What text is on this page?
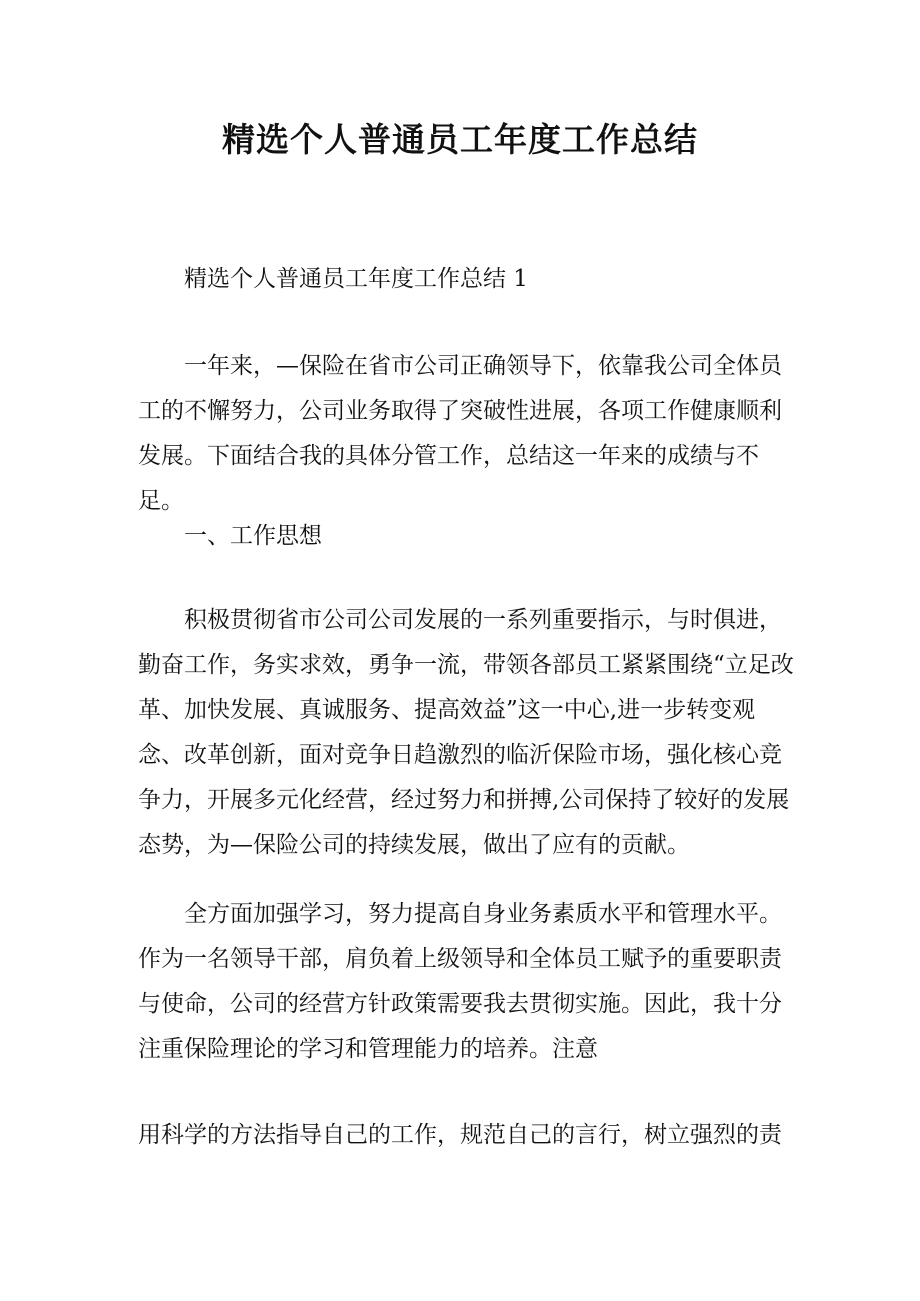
精选个人普通员工年度工作总结

精选个人普通员工年度工作总结 1

一年来，—保险在省市公司正确领导下，依靠我公司全体员工的不懈努力，公司业务取得了突破性进展，各项工作健康顺利发展。下面结合我的具体分管工作，总结这一年来的成绩与不足。

一、工作思想

积极贯彻省市公司公司发展的一系列重要指示，与时俱进，勤奋工作，务实求效，勇争一流，带领各部员工紧紧围绕“立足改革、加快发展、真诚服务、提高效益”这一中心,进一步转变观念、改革创新，面对竞争日趋激烈的临沂保险市场，强化核心竞争力，开展多元化经营，经过努力和拼搏,公司保持了较好的发展态势，为—保险公司的持续发展，做出了应有的贡献。

全方面加强学习，努力提高自身业务素质水平和管理水平。作为一名领导干部，肩负着上级领导和全体员工赋予的重要职责与使命，公司的经营方针政策需要我去贯彻实施。因此，我十分注重保险理论的学习和管理能力的培养。注意

用科学的方法指导自己的工作，规范自己的言行，树立强烈的责
